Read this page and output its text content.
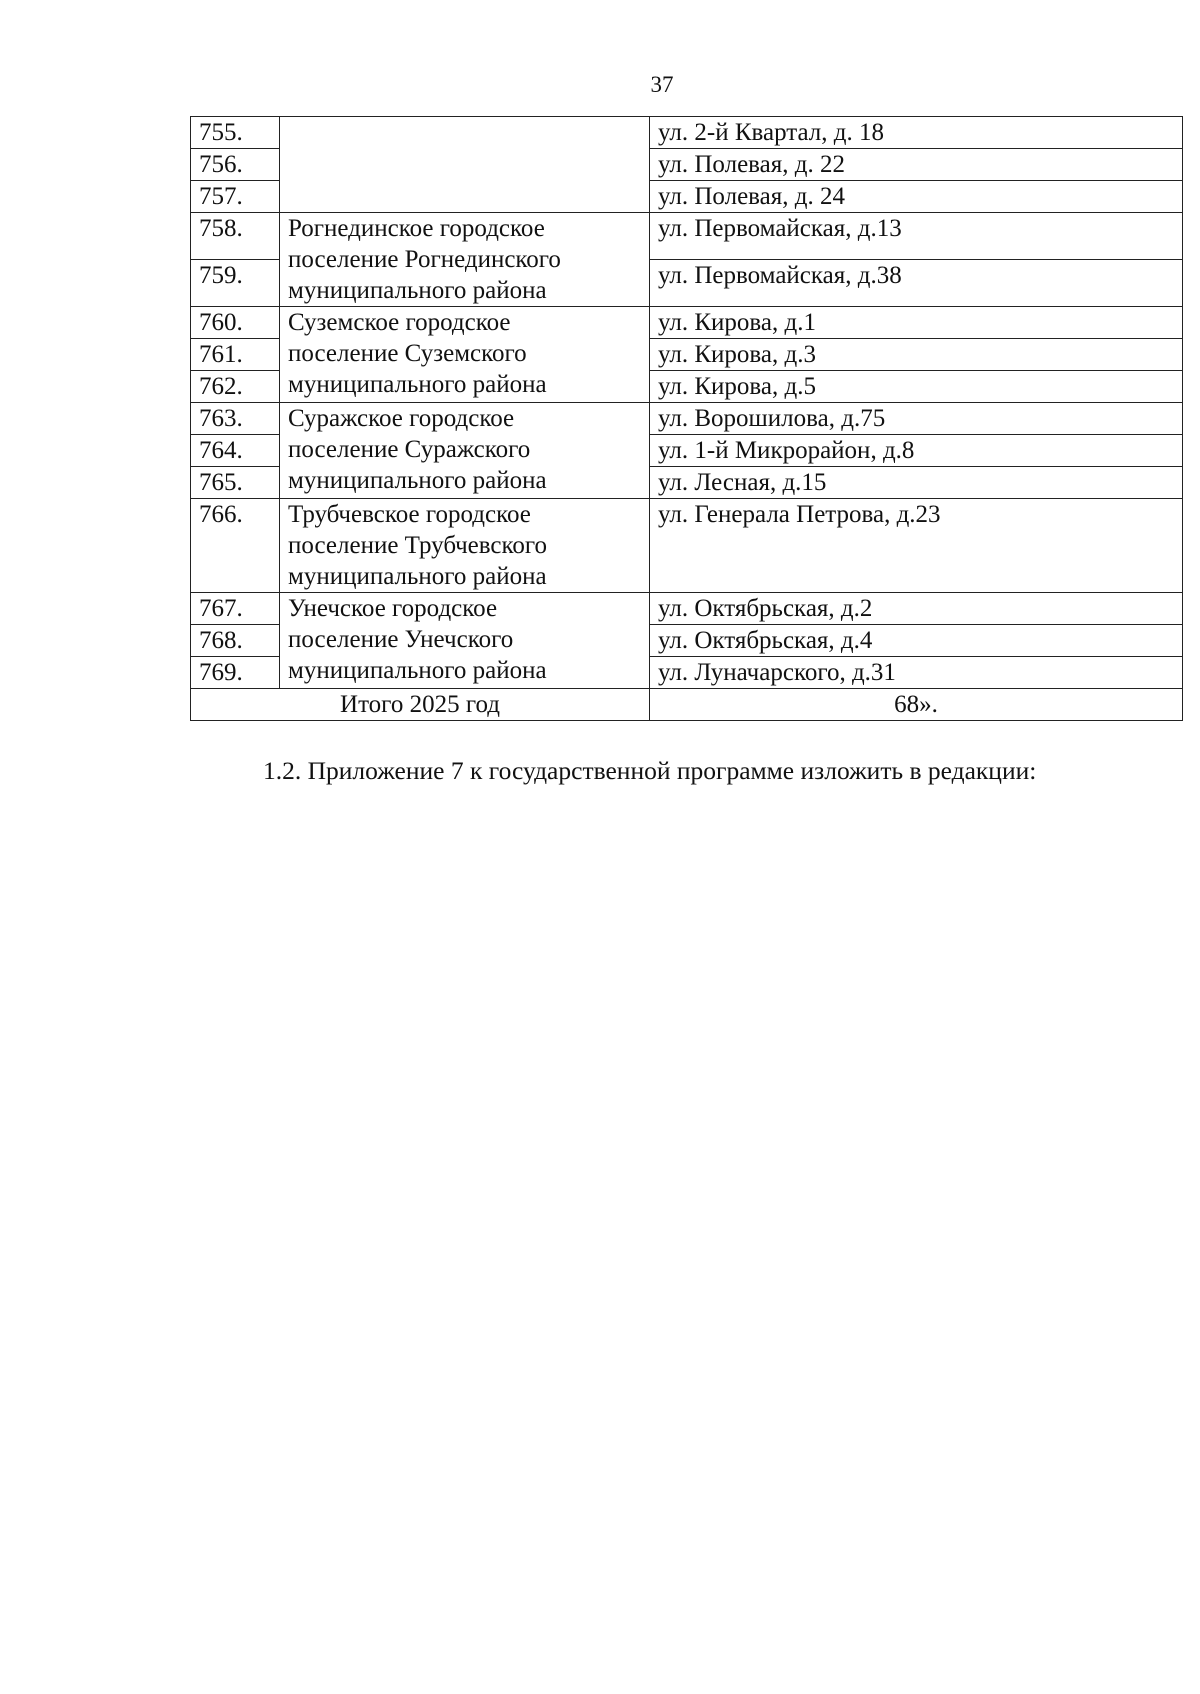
37
755.		ул. 2-й Квартал, д. 18
756.		ул. Полевая, д. 22
757.		ул. Полевая, д. 24
758.	Рогнединское городское
поселение Рогнединского
муниципального района	ул. Первомайская, д.13
759.		ул. Первомайская, д.38
760.	Суземское городское
поселение Суземского
муниципального района	ул. Кирова, д.1
761.		ул. Кирова, д.3
762.		ул. Кирова, д.5
763.	Суражское городское
поселение Суражского
муниципального района	ул. Ворошилова, д.75
764.		ул. 1-й Микрорайон, д.8
765.		ул. Лесная, д.15
766.	Трубчевское городское
поселение Трубчевского
муниципального района	ул. Генерала Петрова, д.23
767.	Унечское городское
поселение Унечского
муниципального района	ул. Октябрьская, д.2
768.		ул. Октябрьская, д.4
769.		ул. Луначарского, д.31
Итого 2025 год		68».
1.2. Приложение 7 к государственной программе изложить в редакции:
